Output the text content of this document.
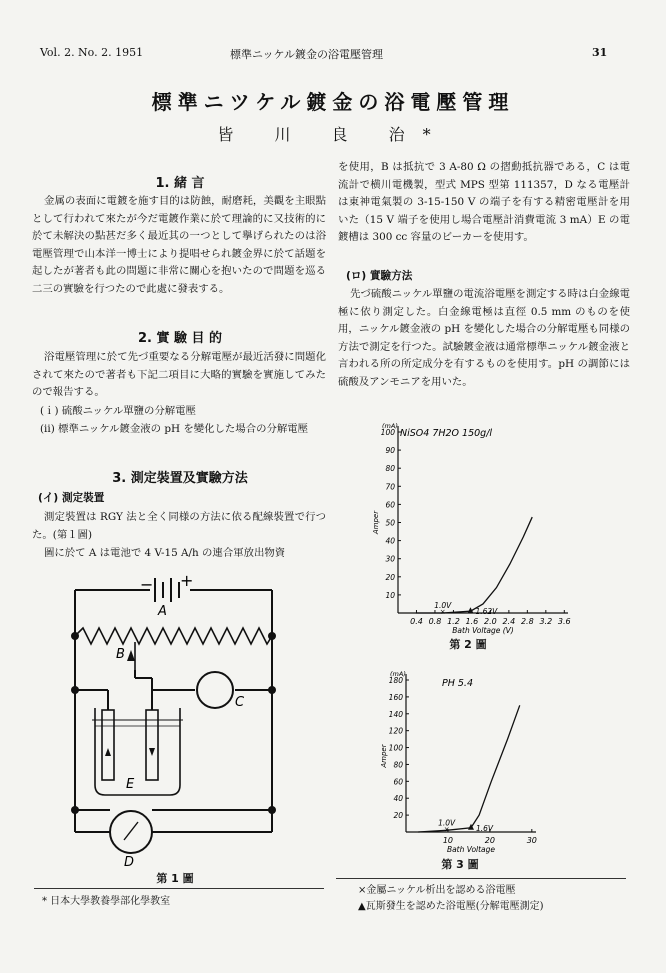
Vol. 2. No. 2. 1951	標準ニッケル鍍金の浴電壓管理	31
標準ニツケル鍍金の浴電壓管理
皆 川 良 治*
1. 緒 言

金属の表面に電鍍を施す目的は防蝕，耐磨耗，美觀を主眼點として行われて來たが今だ電鍍作業に於て理論的に又技術的に於て未解決の點甚だ多く最近其の一つとして擧げられたのは浴電壓管理で山本洋一博士により提唱せられ鍍金界に於て話題を起したが著者も此の問題に非常に關心を抱いたので問題を巡る二三の實驗を行つたので此處に發表する。

2. 實 驗 目 的

浴電壓管理に於て先づ重要なる分解電壓が最近活發に問題化されて來たので著者も下記二項目に大略的實驗を實施してみたので報告する。

(ｉ) 硫酸ニッケル單鹽の分解電壓

(ii) 標準ニッケル鍍金液の pH を變化した場合の分解電壓

3. 測定裝置及實驗方法
(イ) 測定裝置

測定裝置は RGY 法と全く同様の方法に依る配線裝置で行つた。(第１圖)

圖に於て A は電池で 4 V-15 A/h の連合軍放出物資

− +
A
B
C
D
E
第 1 圖
* 日本大學教養學部化學教室

を使用，B は抵抗で 3 A-80 Ω の摺動抵抗器である，C は電流計で横川電機製，型式 MPS 型第 111357，D なる電壓計は東神電氣製の 3-15-150 V の端子を有する精密電壓計を用いた（15 V 端子を使用し場合電壓計消費電流 3 mA）E の電鍍槽は 300 cc 容量のビーカーを使用す。

(ロ) 實驗方法

先づ硫酸ニッケル單鹽の電流浴電壓を測定する時は白金線電極に依り測定した。白金線電極は直徑 0.5 mm のものを使用，ニッケル鍍金液の pH を變化した場合の分解電壓も同様の方法で測定を行つた。試驗鍍金液は通常標準ニッケル鍍金液と言われる所の所定成分を有するものを使用す。pH の調節には硫酸及アンモニアを用いた。

0.4 0.8 1.2 1.6 2.0 2.4 2.8 3.2 3.6
10
20
30
40
50
60
70
80
90
100
(mA)
Amper
Bath Voltage (V)
NiSO4 7H2O 150g/l
×
1.0V
1.62V
第 2 圖
10	20	30
20
40
60
80
100
120
140
160
180
(mA)
Amper
Bath Voltage
PH 5.4
×
1.0V
1.6V
第 3 圖
×金屬ニッケル析出を認める浴電壓
▲瓦斯發生を認めた浴電壓(分解電壓測定)
